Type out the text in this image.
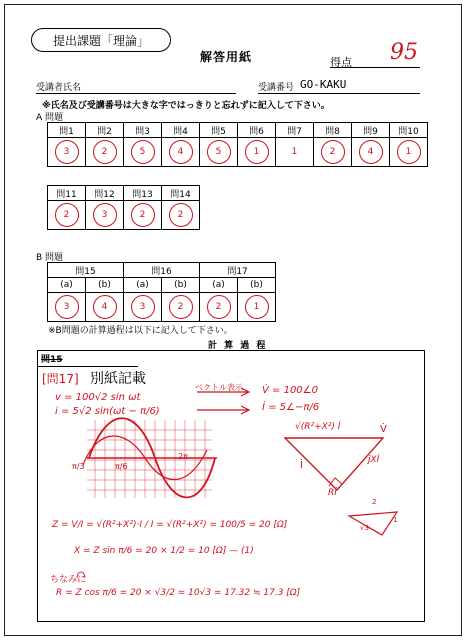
提出課題「理論」
解答用紙	得点 95
受講者氏名	受講番号 GO-KAKU
※氏名及び受講番号は大きな字ではっきりと忘れずに記入して下さい。
A 問題
問1	問2	問3	問4	問5	問6	問7	問8	問9	問10

3	2	5	4	5	1	1	2	4	1
問11	問12	問13	問14

2	3	2	2
B 問題
問15		問16		問17	
(a)	(b)	(a)	(b)	(a)	(b)

3	4	3	2	2	1
※B問題の計算過程は以下に記入して下さい。
計 算 過 程
問15
[問17] 別紙記載
v = 100√2 sin ωt
i = 5√2 sin(ωt − π/6)
ベクトル表示 V̇ = 100∠0
İ = 5∠−π/6
π/3
2π
π/6
√(R²+X²) İ	V̇
İ	jXİ
Rİ
2
1
√3
Z = V/I = √(R²+X²)·I / I = √(R²+X²) = 100/5 = 20 [Ω]
X = Z sin π/6 = 20 × 1/2 = 10 [Ω] — (1)
ちなみに
R = Z cos π/6 = 20 × √3/2 = 10√3 = 17.32 ≒ 17.3 [Ω]
